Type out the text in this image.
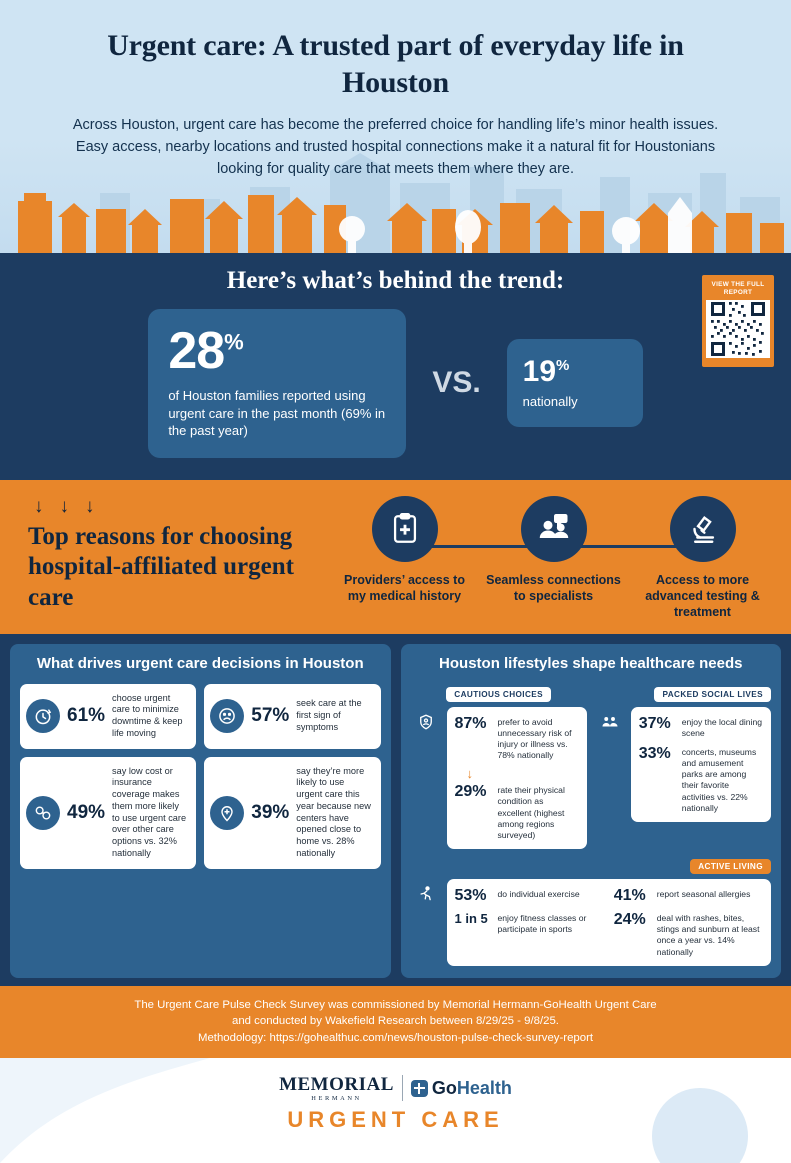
Urgent care: A trusted part of everyday life in Houston
Across Houston, urgent care has become the preferred choice for handling life’s minor health issues. Easy access, nearby locations and trusted hospital connections make it a natural fit for Houstonians looking for quality care that meets them where they are.
Here’s what’s behind the trend:
28%
of Houston families reported using urgent care in the past month (69% in the past year)
VS. 19%
nationally
VIEW THE FULL REPORT
↓↓↓
Top reasons for choosing hospital-affiliated urgent care
Providers’ access to my medical history
Seamless connections to specialists
Access to more advanced testing & treatment
What drives urgent care decisions in Houston
61%
choose urgent care to minimize downtime & keep life moving
57%
seek care at the first sign of symptoms
49%
say low cost or insurance coverage makes them more likely to use urgent care over other care options vs. 32% nationally
39%
say they’re more likely to use urgent care this year because new centers have opened close to home vs. 28% nationally
Houston lifestyles shape healthcare needs
CAUTIOUS CHOICES
87%	prefer to avoid unnecessary risk of injury or illness vs. 78% nationally
↓
29%	rate their physical condition as excellent (highest among regions surveyed)
PACKED SOCIAL LIVES
37%	enjoy the local dining scene
33%	concerts, museums and amusement parks are among their favorite activities vs. 22% nationally
ACTIVE LIVING
53%	do individual exercise
1 in 5	enjoy fitness classes or participate in sports
41%	report seasonal allergies
24%	deal with rashes, bites, stings and sunburn at least once a year vs. 14% nationally
The Urgent Care Pulse Check Survey was commissioned by Memorial Hermann-GoHealth Urgent Care
and conducted by Wakefield Research between 8/29/25 - 9/8/25.
Methodology: https://gohealthuc.com/news/houston-pulse-check-survey-report
MEMORIAL
HERMANN
GoHealth
URGENT CARE
